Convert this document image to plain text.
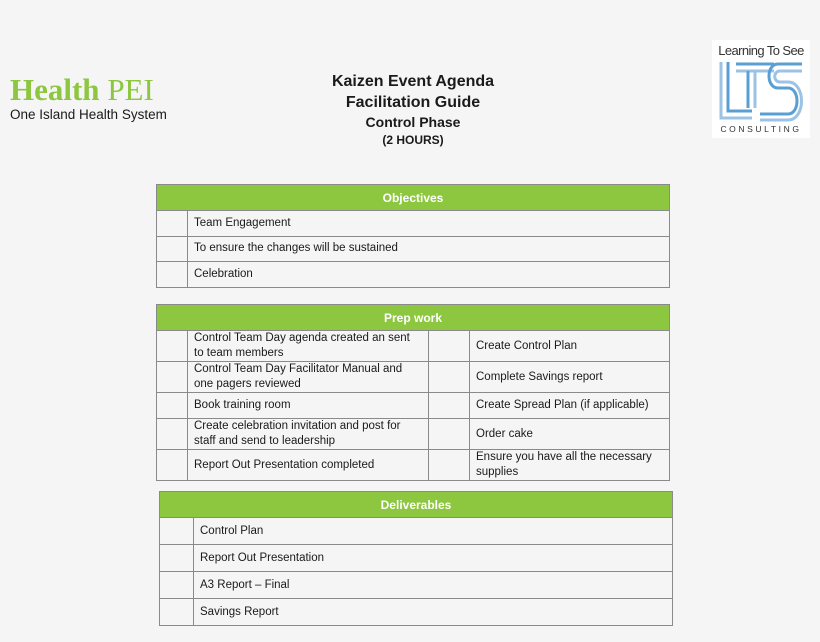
Health PEI
One Island Health System
Kaizen Event Agenda
Facilitation Guide
Control Phase
(2 HOURS)
Learning To See
CONSULTING
Objectives	
	Team Engagement
	To ensure the changes will be sustained
	Celebration
Prep work			
	Control Team Day agenda created an sent to team members		Create Control Plan
	Control Team Day Facilitator Manual and one pagers reviewed		Complete Savings report
	Book training room		Create Spread Plan (if applicable)
	Create celebration invitation and post for staff and send to leadership		Order cake
	Report Out Presentation completed		Ensure you have all the necessary supplies
Deliverables	
	Control Plan
	Report Out Presentation
	A3 Report – Final
	Savings Report
